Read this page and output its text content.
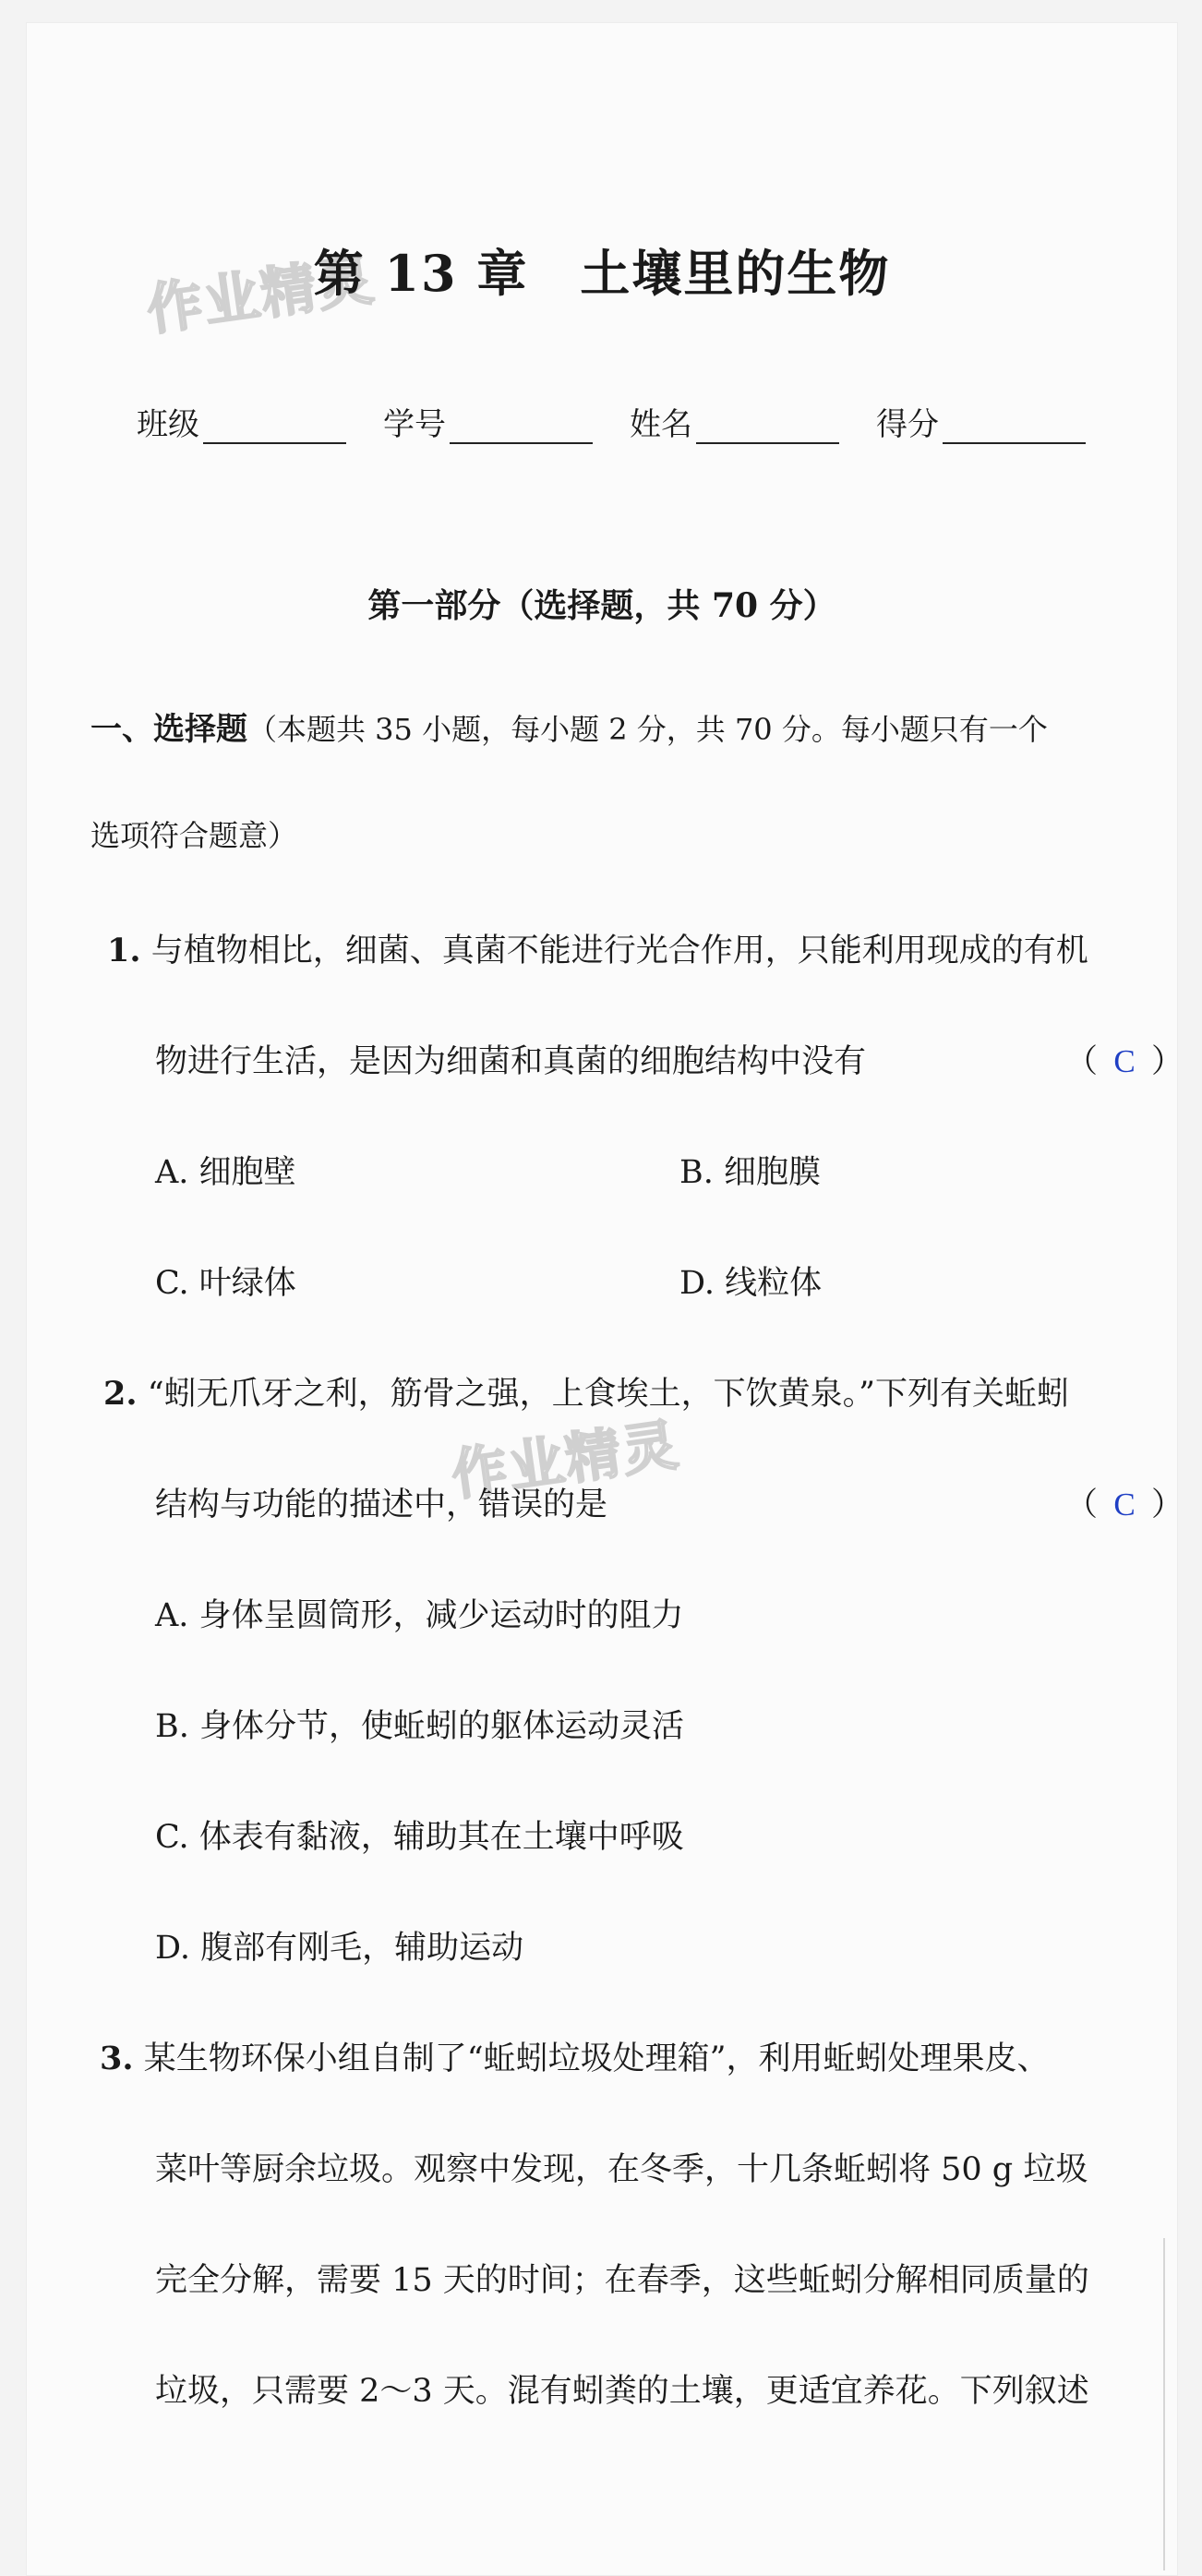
作业精灵
作业精灵
第 13 章 土壤里的生物
班级	学号	姓名	得分
第一部分（选择题，共 70 分）
一、选择题（本题共 35 小题，每小题 2 分，共 70 分。每小题只有一个
选项符合题意）
1. 与植物相比，细菌、真菌不能进行光合作用，只能利用现成的有机
物进行生活，是因为细菌和真菌的细胞结构中没有	（ C ）
A. 细胞壁	B. 细胞膜
C. 叶绿体	D. 线粒体
2. “蚓无爪牙之利，筋骨之强，上食埃土，下饮黄泉。”下列有关蚯蚓
结构与功能的描述中，错误的是	（ C ）
A. 身体呈圆筒形，减少运动时的阻力
B. 身体分节，使蚯蚓的躯体运动灵活
C. 体表有黏液，辅助其在土壤中呼吸
D. 腹部有刚毛，辅助运动
3. 某生物环保小组自制了“蚯蚓垃圾处理箱”，利用蚯蚓处理果皮、
菜叶等厨余垃圾。观察中发现，在冬季，十几条蚯蚓将 50 g 垃圾
完全分解，需要 15 天的时间；在春季，这些蚯蚓分解相同质量的
垃圾，只需要 2～3 天。混有蚓粪的土壤，更适宜养花。下列叙述
